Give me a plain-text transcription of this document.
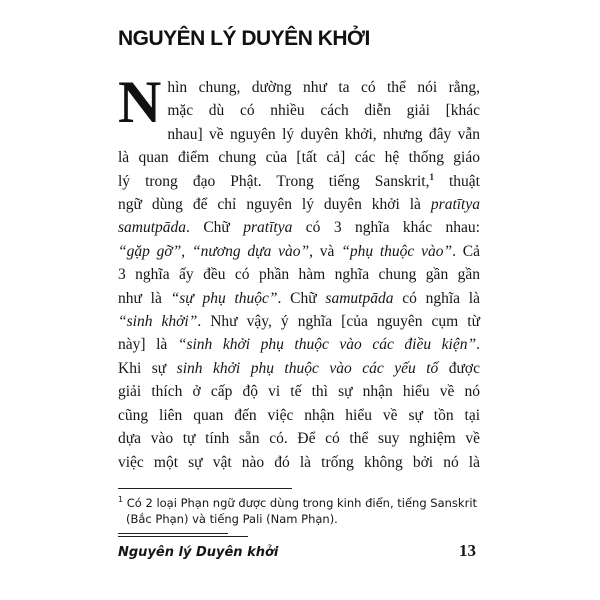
NGUYÊN LÝ DUYÊN KHỞI
N hìn chung, dường như ta có thể nói rằng,
mặc dù có nhiều cách diễn giải [khác
nhau] về nguyên lý duyên khởi, nhưng đây vẫn
là quan điểm chung của [tất cả] các hệ thống giáo
lý trong đạo Phật. Trong tiếng Sanskrit,$^1$ thuật
ngữ dùng để chỉ nguyên lý duyên khởi là pratītya
samutpāda. Chữ pratītya có 3 nghĩa khác nhau:
“gặp gỡ”, “nương dựa vào”, và “phụ thuộc vào”. Cả
3 nghĩa ấy đều có phần hàm nghĩa chung gần gần
như là “sự phụ thuộc”. Chữ samutpāda có nghĩa là
“sinh khởi”. Như vậy, ý nghĩa [của nguyên cụm từ
này] là “sinh khởi phụ thuộc vào các điều kiện”.
Khi sự sinh khởi phụ thuộc vào các yếu tố được
giải thích ở cấp độ vi tế thì sự nhận hiểu về nó
cũng liên quan đến việc nhận hiểu về sự tồn tại
dựa vào tự tính sẵn có. Để có thể suy nghiệm về
việc một sự vật nào đó là trống không bởi nó là
$^1$ Có 2 loại Phạn ngữ được dùng trong kinh điển, tiếng Sanskrit
(Bắc Phạn) và tiếng Pali (Nam Phạn).
Nguyên lý Duyên khởi	13
